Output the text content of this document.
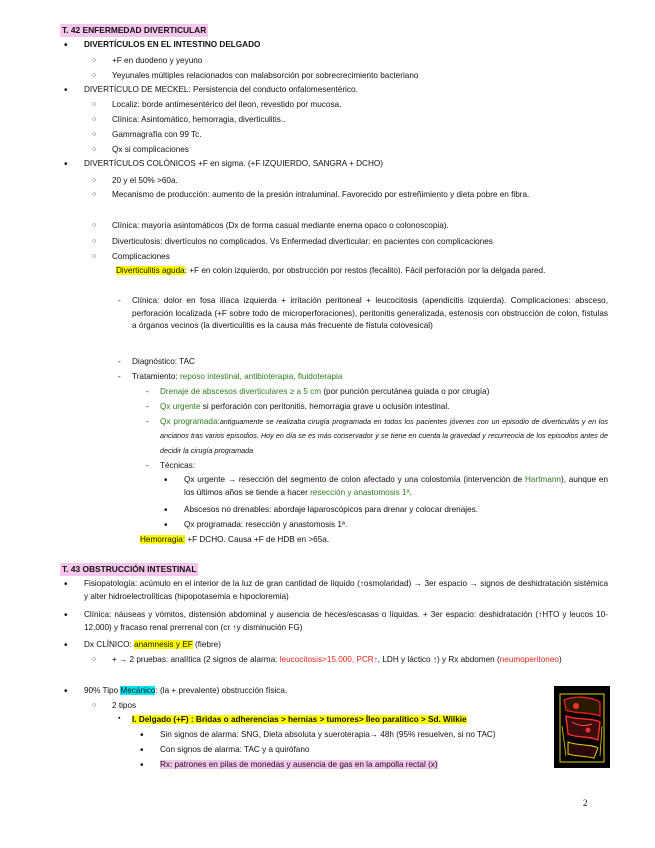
T. 42 ENFERMEDAD DIVERTICULAR
• DIVERTÍCULOS EN EL INTESTINO DELGADO
○ +F en duodeno y yeyuno
○ Yeyunales múltiples relacionados con malabsorción por sobrecrecimiento bacteriano
• DIVERTÍCULO DE MECKEL: Persistencia del conducto onfalomesentérico.
○ Localiz: borde antimesentérico del íleon, revestido por mucosa.
○ Clínica: Asintomático, hemorragia, diverticulitis..
○ Gammagrafía con 99 Tc.
○ Qx si complicaciones
• DIVERTÍCULOS COLÓNICOS +F en sigma. (+F IZQUIERDO, SANGRA + DCHO)
○ 20 y el 50% >60a.
○ Mecanismo de producción: aumento de la presión intraluminal. Favorecido por estreñimiento y dieta pobre en fibra.
○ Clínica: mayoría asintomáticos (Dx de forma casual mediante enema opaco o colonoscopia).
○ Diverticulosis: divertículos no complicados. Vs Enfermedad diverticular: en pacientes con complicaciones
○ Complicaciones
Diverticulitis aguda: +F en colon izquierdo, por obstrucción por restos (fecalito). Fácil perforación por la delgada pared.
- Clínica: dolor en fosa ilíaca izquierda + irritación peritoneal + leucocitosis (apendicitis izquierda). Complicaciones: absceso, perforación localizada (+F sobre todo de microperforaciones), peritonitis generalizada, estenosis con obstrucción de colon, fístulas a órganos vecinos (la diverticulitis es la causa más frecuente de fístula colovesical)
- Diagnóstico: TAC
- Tratamiento: reposo intestinal, antibioterapia, fluidoterapia
- Drenaje de abscesos diverticulares ≥ a 5 cm (por punción percutánea guiada o por cirugía)
- Qx urgente si perforación con peritonitis, hemorragia grave u oclusión intestinal.
- Qx programada:antiguamente se realizaba cirugía programada en todos los pacientes jóvenes con un episodio de diverticulitis y en los ancianos tras varios episodios. Hoy en día se es más conservador y se tiene en cuenta la gravedad y recurrencia de los episodios antes de decidir la cirugía programada
- Técnicas:
• Qx urgente → resección del segmento de colon afectado y una colostomía (intervención de Hartmann), aunque en los últimos años se tiende a hacer resección y anastomosis 1ª.
• Abscesos no drenables: abordaje laparoscópicos para drenar y colocar drenajes.
• Qx programada: resección y anastomosis 1ª.
Hemorragia: +F DCHO. Causa +F de HDB en >65a.
T. 43 OBSTRUCCIÓN INTESTINAL
• Fisiopatología: acúmulo en el interior de la luz de gran cantidad de líquido (↑osmolaridad) → 3er espacio → signos de deshidratación sistémica y alter hidroelectrolíticas (hipopotasemia e hipocloremia)
• Clínica: náuseas y vómitos, distensión abdominal y ausencia de heces/escasas o líquidas. + 3er espacio: deshidratación (↑HTO y leucos 10-12.000) y fracaso renal prerrenal con (cr ↑y disminución FG)
• Dx CLÍNICO: anamnesis y EF (fiebre)
○ + → 2 pruebas: analítica (2 signos de alarma: leucocitosis>15.000, PCR↑, LDH y láctico ↑) y Rx abdomen (neumoperitoneo)
• 90% Tipo Mecánico: (la + prevalente) obstrucción física.
○ 2 tipos
▪ I. Delgado (+F) : Bridas o adherencias > hernias > tumores> Íleo paralítico > Sd. Wilkie
• Sin signos de alarma: SNG, Dieta absoluta y sueroterapia→ 48h (95% resuelven, si no TAC)
• Con signos de alarma: TAC y a quirófano
• Rx: patrones en pilas de monedas y ausencia de gas en la ampolla rectal (x)
2
